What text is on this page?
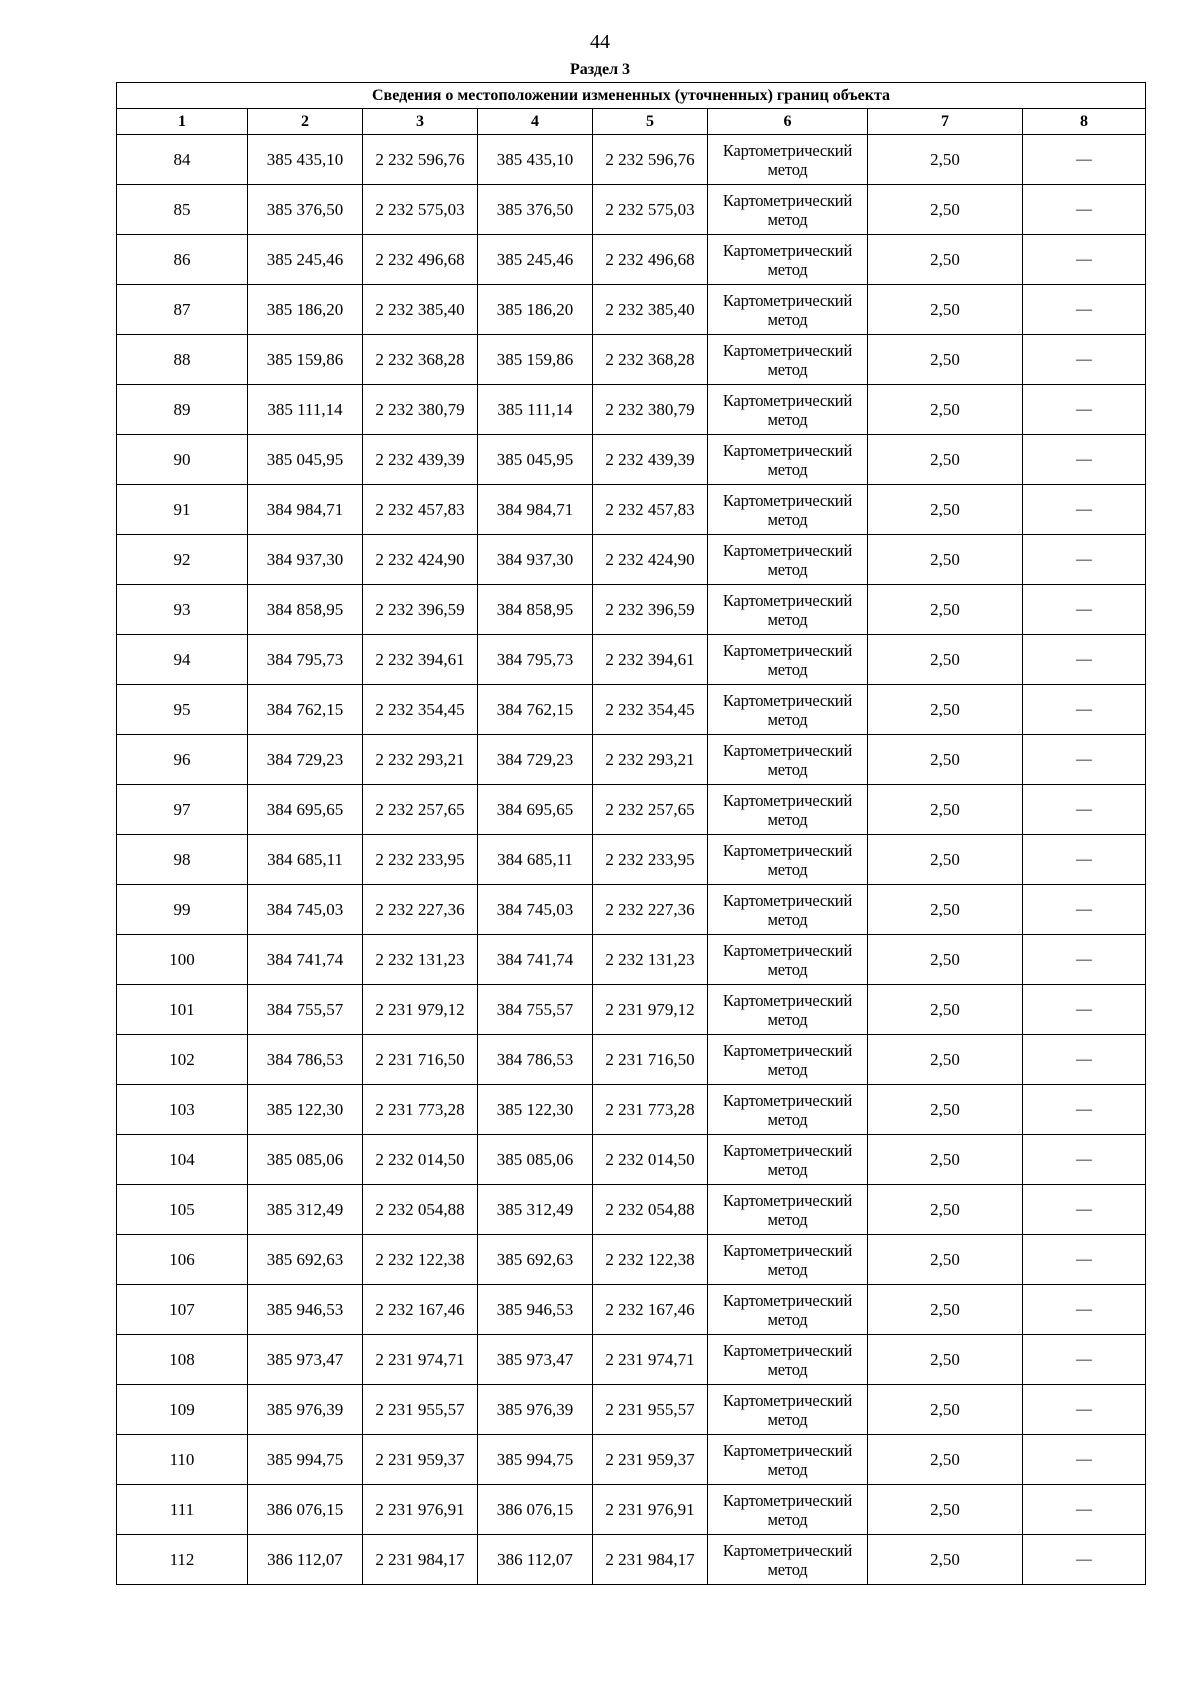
44
Раздел 3
Сведения о местоположении измененных (уточненных) границ объекта							
1	2	3	4	5	6	7	8
84	385 435,10	2 232 596,76	385 435,10	2 232 596,76	Картометрический метод	2,50	—
85	385 376,50	2 232 575,03	385 376,50	2 232 575,03	Картометрический метод	2,50	—
86	385 245,46	2 232 496,68	385 245,46	2 232 496,68	Картометрический метод	2,50	—
87	385 186,20	2 232 385,40	385 186,20	2 232 385,40	Картометрический метод	2,50	—
88	385 159,86	2 232 368,28	385 159,86	2 232 368,28	Картометрический метод	2,50	—
89	385 111,14	2 232 380,79	385 111,14	2 232 380,79	Картометрический метод	2,50	—
90	385 045,95	2 232 439,39	385 045,95	2 232 439,39	Картометрический метод	2,50	—
91	384 984,71	2 232 457,83	384 984,71	2 232 457,83	Картометрический метод	2,50	—
92	384 937,30	2 232 424,90	384 937,30	2 232 424,90	Картометрический метод	2,50	—
93	384 858,95	2 232 396,59	384 858,95	2 232 396,59	Картометрический метод	2,50	—
94	384 795,73	2 232 394,61	384 795,73	2 232 394,61	Картометрический метод	2,50	—
95	384 762,15	2 232 354,45	384 762,15	2 232 354,45	Картометрический метод	2,50	—
96	384 729,23	2 232 293,21	384 729,23	2 232 293,21	Картометрический метод	2,50	—
97	384 695,65	2 232 257,65	384 695,65	2 232 257,65	Картометрический метод	2,50	—
98	384 685,11	2 232 233,95	384 685,11	2 232 233,95	Картометрический метод	2,50	—
99	384 745,03	2 232 227,36	384 745,03	2 232 227,36	Картометрический метод	2,50	—
100	384 741,74	2 232 131,23	384 741,74	2 232 131,23	Картометрический метод	2,50	—
101	384 755,57	2 231 979,12	384 755,57	2 231 979,12	Картометрический метод	2,50	—
102	384 786,53	2 231 716,50	384 786,53	2 231 716,50	Картометрический метод	2,50	—
103	385 122,30	2 231 773,28	385 122,30	2 231 773,28	Картометрический метод	2,50	—
104	385 085,06	2 232 014,50	385 085,06	2 232 014,50	Картометрический метод	2,50	—
105	385 312,49	2 232 054,88	385 312,49	2 232 054,88	Картометрический метод	2,50	—
106	385 692,63	2 232 122,38	385 692,63	2 232 122,38	Картометрический метод	2,50	—
107	385 946,53	2 232 167,46	385 946,53	2 232 167,46	Картометрический метод	2,50	—
108	385 973,47	2 231 974,71	385 973,47	2 231 974,71	Картометрический метод	2,50	—
109	385 976,39	2 231 955,57	385 976,39	2 231 955,57	Картометрический метод	2,50	—
110	385 994,75	2 231 959,37	385 994,75	2 231 959,37	Картометрический метод	2,50	—
111	386 076,15	2 231 976,91	386 076,15	2 231 976,91	Картометрический метод	2,50	—
112	386 112,07	2 231 984,17	386 112,07	2 231 984,17	Картометрический метод	2,50	—
